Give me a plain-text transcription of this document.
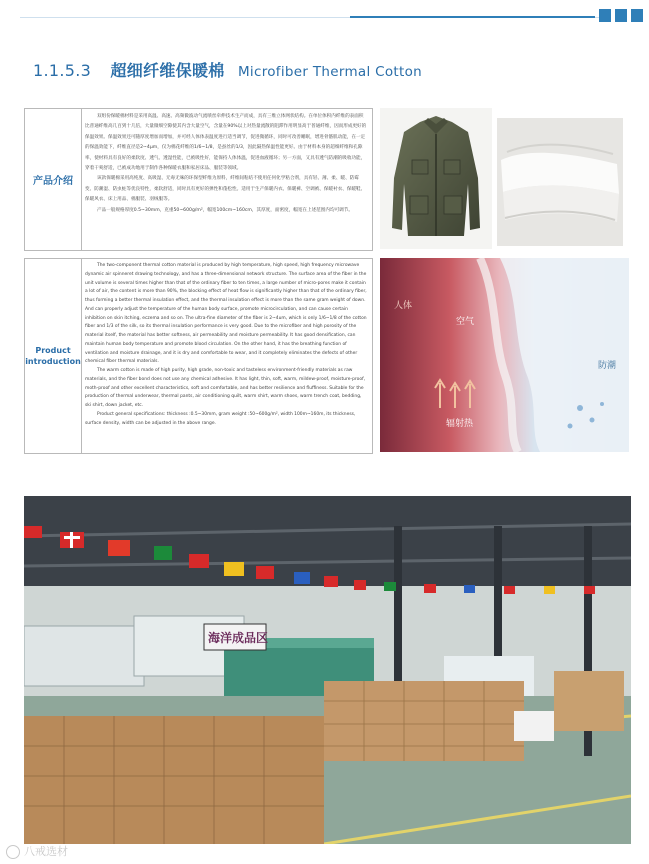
1.1.5.3 超细纤维保暖棉 Microfiber Thermal Cotton
产品介绍

双组份保暖棉材料是采用高温、高速、高频微波动气流喷丝牵伸技术生产而成，具有三维立体网状结构。在单位体积内纤维的表面积比普通纤维高几百到十几倍，大量微细空隙使其内含大量空气，含量在90%以上对热量流散的阻滞作用明显高于普通纤维，因而形成更好的保温效果。保温效果还可随厚度增加而增加，并可经人体体表温度进行适当调节，促进微循环，同时可改善睡眠，增进骨骼肌动能，在一定的保温效能下，纤维直径是2~4μm，仅为棉花纤维的1/6~1/8，是蚕丝的1/3，因此隔热保温性能更好。由于材料本身的超细纤维和孔隙率，使材料具有良好的柔软度、透气、透湿性能，已被吸性好，能保持人体体温，促进血液循环；另一方面，又具有透气防潮的吸收功能，穿着干爽舒适，已被成功地用于制作各种保暖衣服和家居床品、服装等领域。

该款保暖棉采用高纯度、高吸湿、无毒无味的环保型纤维为原料，纤维间粘结不使用任何化学粘合剂，具有轻、薄、柔、暖、防霉变、防潮湿、防虫蛀等优良特性，柔软舒适，同时具有更好的弹性和蓬松性。适用于生产保暖内衣、保暖裤、空调被、保暖衬衣、保暖鞋、保暖风衣、床上用品、棉服装、羽绒服等。

产品一般规格厚度0.5~30mm，克重50~600g/m²，幅宽100cm~160cm，其厚度，面密度，幅宽在上述范围内均可调节。

Product
introduction

The two-component thermal cotton material is produced by high temperature, high speed, high frequency microwave dynamic air spinneret drawing technology, and has a three-dimensional network structure. The surface area of the fiber in the unit volume is several times higher than that of the ordinary fiber to ten times, a large number of micro-pores make it contain a lot of air, the content is more than 90%, the blocking effect of heat flow is significantly higher than that of the ordinary fiber, thus forming a better thermal insulation effect, and the thermal insulation effect is more than the same gram weight of down. And can properly adjust the temperature of the human body surface, promote microcirculation, and can cause certain inhibition on skin itching, eczema and so on. The ultra-fine diameter of the fiber is 2~4um, which is only 1/6~1/8 of the cotton fiber and 1/3 of the silk, so its thermal insulation performance is very good. Due to the microfiber and high porosity of the material itself, the material has better softness, air permeability and moisture permeability. It has good densification, can maintain human body temperature and promote blood circulation. On the other hand, it has the breathing function of ventilation and moisture drainage, and it is dry and comfortable to wear, and it completely eliminates the defects of other chemical fiber thermal materials.

The warm cotton is made of high purity, high grade, non-toxic and tasteless environment-friendly materials as raw materials, and the fiber bond does not use any chemical adhesive. It has light, thin, soft, warm, mildew-proof, moisture-proof, moth-proof and other excellent characteristics, soft and comfortable, and has better resilience and fluffiness. Suitable for the production of thermal underwear, thermal pants, air conditioning quilt, warm shirt, warm shoes, warm trench coat, bedding, ski shirt, down jacket, etc.

Product general specifications: thickness :0.5~30mm, gram weight :50~600g/m², width 100m~160m, its thickness, surface density, width can be adjusted in the above range.

人体
空气
辐射热
防潮
海洋成品区
八戒选材
